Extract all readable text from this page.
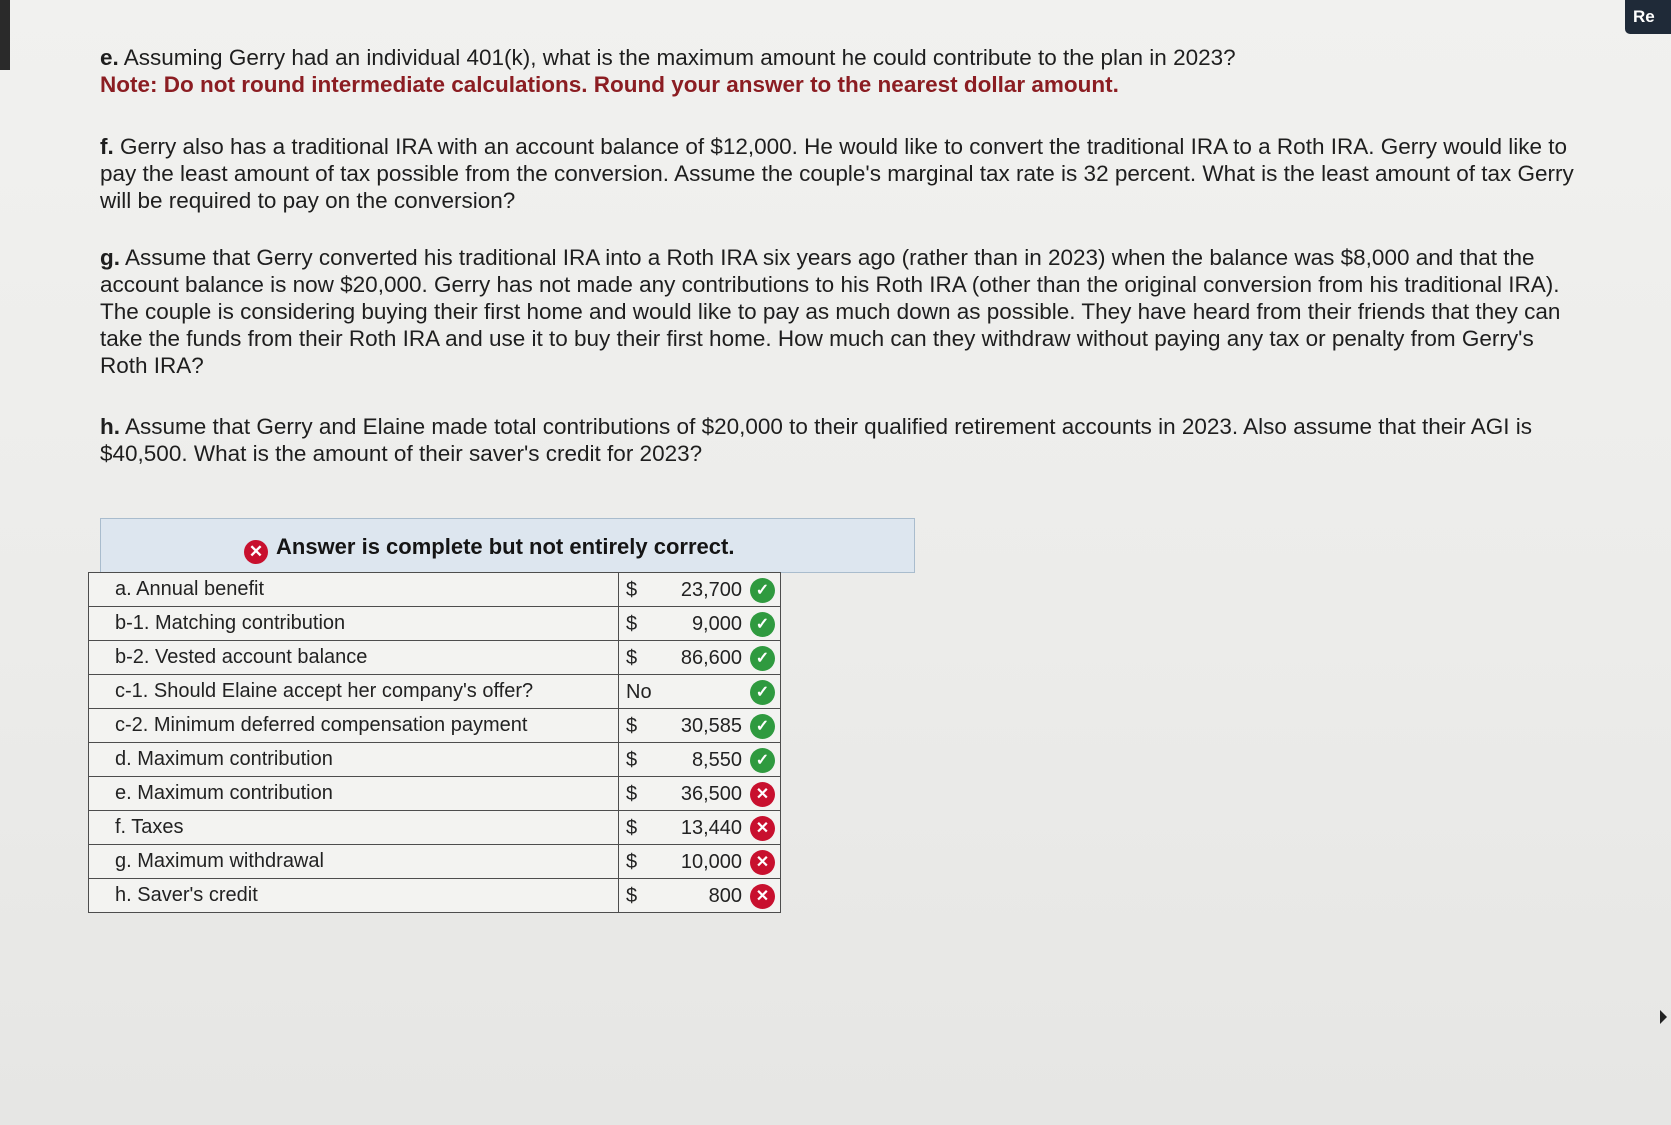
Re

e. Assuming Gerry had an individual 401(k), what is the maximum amount he could contribute to the plan in 2023?
Note: Do not round intermediate calculations. Round your answer to the nearest dollar amount.

f. Gerry also has a traditional IRA with an account balance of $12,000. He would like to convert the traditional IRA to a Roth IRA. Gerry would like to pay the least amount of tax possible from the conversion. Assume the couple's marginal tax rate is 32 percent. What is the least amount of tax Gerry will be required to pay on the conversion?

g. Assume that Gerry converted his traditional IRA into a Roth IRA six years ago (rather than in 2023) when the balance was $8,000 and that the account balance is now $20,000. Gerry has not made any contributions to his Roth IRA (other than the original conversion from his traditional IRA). The couple is considering buying their first home and would like to pay as much down as possible. They have heard from their friends that they can take the funds from their Roth IRA and use it to buy their first home. How much can they withdraw without paying any tax or penalty from Gerry's Roth IRA?

h. Assume that Gerry and Elaine made total contributions of $20,000 to their qualified retirement accounts in 2023. Also assume that their AGI is $40,500. What is the amount of their saver's credit for 2023?

✕ Answer is complete but not entirely correct.
a. Annual benefit	$ 23,700 ✓

b-1. Matching contribution	$ 9,000 ✓

b-2. Vested account balance	$ 86,600 ✓

c-1. Should Elaine accept her company's offer?	No ✓

c-2. Minimum deferred compensation payment	$ 30,585 ✓

d. Maximum contribution	$ 8,550 ✓

e. Maximum contribution	$ 36,500 ✕

f. Taxes	$ 13,440 ✕

g. Maximum withdrawal	$ 10,000 ✕

h. Saver's credit	$ 800 ✕
